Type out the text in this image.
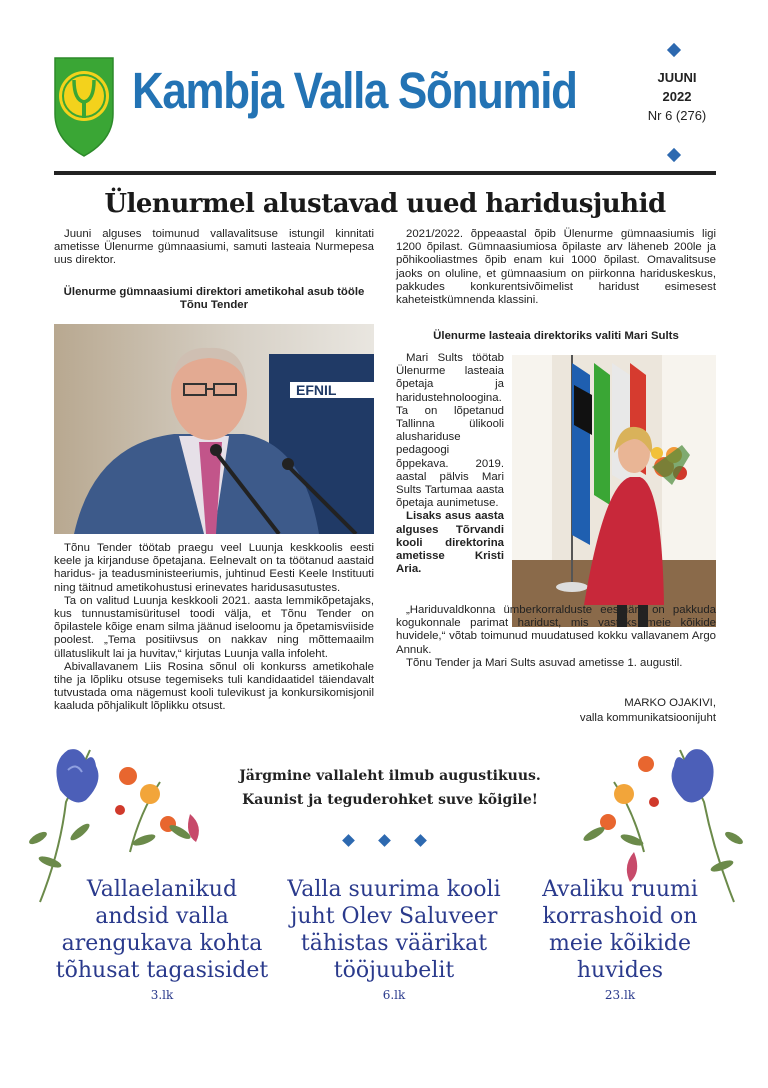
Kambja Valla Sõnumid	JUUNI
2022
Nr 6 (276)
Ülenurmel alustavad uued haridusjuhid

Juuni alguses toimunud vallavalitsuse istungil kinnitati ametisse Ülenurme gümnaasiumi, samuti lasteaia Nurmepesa uus direktor.

Ülenurme gümnaasiumi direktori ametikohal asub tööle Tõnu Tender
EFNIL

Tõnu Tender töötab praegu veel Luunja keskkoolis eesti keele ja kirjanduse õpetajana. Eelnevalt on ta töötanud aastaid haridus- ja teadusministeeriumis, juhtinud Eesti Keele Instituuti ning täitnud ametikohustusi erinevates haridusasutustes.

Ta on valitud Luunja keskkooli 2021. aasta lemmikõpetajaks, kus tunnustamisüritusel toodi välja, et Tõnu Tender on õpilastele kõige enam silma jäänud iseloomu ja õpetamisviiside poolest. „Tema positiivsus on nakkav ning mõttemaailm üllatuslikult lai ja huvitav,“ kirjutas Luunja valla infoleht.

Abivallavanem Liis Rosina sõnul oli konkurss ametikohale tihe ja lõpliku otsuse tegemiseks tuli kandidaatidel täiendavalt tutvustada oma nägemust kooli tulevikust ja konkursikomisjonil kaaluda põhjalikult lõplikku otsust.

2021/2022. õppeaastal õpib Ülenurme gümnaasiumis ligi 1200 õpilast. Gümnaasiumiosa õpilaste arv läheneb 200le ja põhikooliastmes õpib enam kui 1000 õpilast. Omavalitsuse jaoks on oluline, et gümnaasium on piirkonna hariduskeskus, pakkudes konkurentsivõimelist haridust esimesest kaheteistkümnenda klassini.

Ülenurme lasteaia direktoriks valiti Mari Sults

Mari Sults töötab Ülenurme lasteaia õpetaja ja haridustehnoloogina. Ta on lõpetanud Tallinna ülikooli alushariduse pedagoogi õppekava. 2019. aastal pälvis Mari Sults Tartumaa aasta õpetaja aunimetuse.

Lisaks asus aasta alguses Tõrvandi kooli direktorina ametisse Kristi Aria.

„Hariduvaldkonna ümberkorralduste eesmärk on pakkuda kogukonnale parimat haridust, mis vastaks meie kõikide huvidele,“ võtab toimunud muudatused kokku vallavanem Argo Annuk.

Tõnu Tender ja Mari Sults asuvad ametisse 1. augustil.

MARKO OJAKIVI,
valla kommunikatsioonijuht
Järgmine vallaleht ilmub augustikuus.
Kaunist ja teguderohket suve kõigile!
Vallaelanikud andsid valla arengukava kohta tõhusat tagasisidet
3.lk
Valla suurima kooli juht Olev Saluveer tähistas väärikat tööjuubelit
6.lk
Avaliku ruumi korrashoid on meie kõikide huvides
23.lk
